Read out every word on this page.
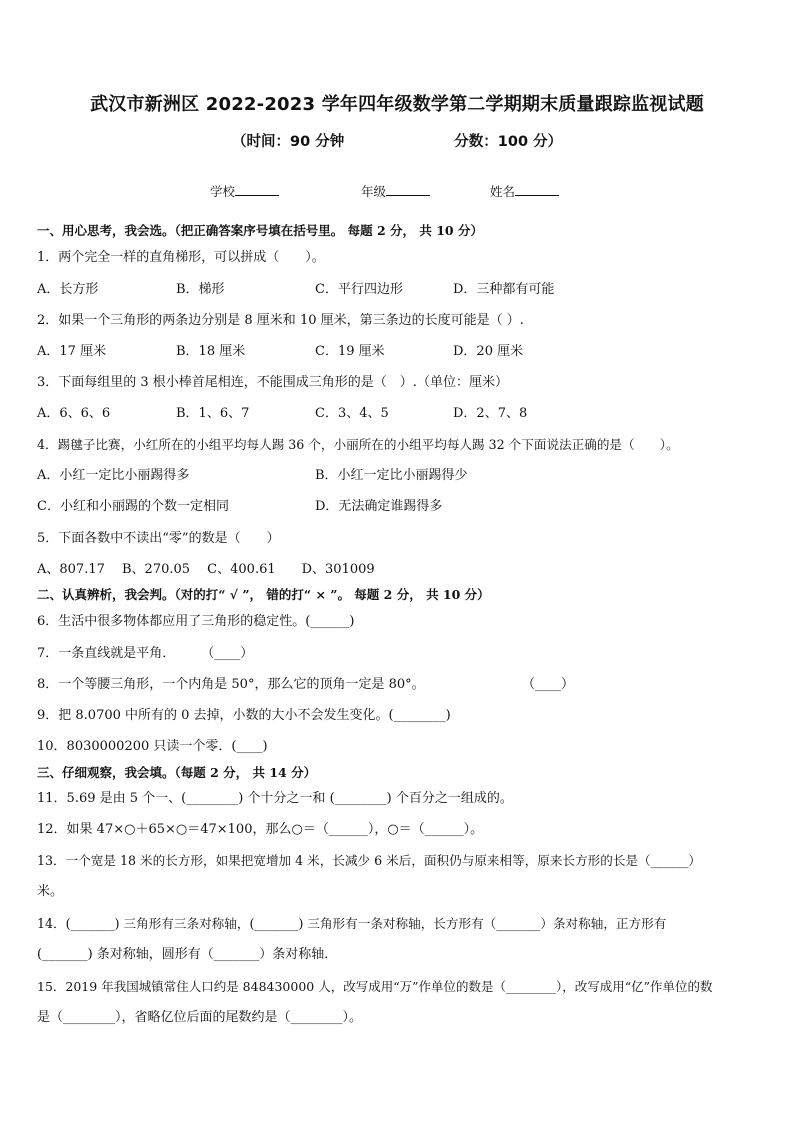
武汉市新洲区 2022-2023 学年四年级数学第二学期期末质量跟踪监视试题
（时间：90 分钟	分数：100 分）
学校	年级	姓名
一、用心思考，我会选。（把正确答案序号填在括号里。 每题 2 分， 共 10 分）
1．两个完全一样的直角梯形，可以拼成（　　）。
A．长方形	B．梯形	C．平行四边形	D．三种都有可能
2．如果一个三角形的两条边分别是 8 厘米和 10 厘米，第三条边的长度可能是（ ）.
A．17 厘米	B．18 厘米	C．19 厘米	D．20 厘米
3．下面每组里的 3 根小棒首尾相连，不能围成三角形的是（　）.（单位：厘米）
A．6、6、6	B．1、6、7	C．3、4、5	D．2、7、8
4．踢毽子比赛，小红所在的小组平均每人踢 36 个，小丽所在的小组平均每人踢 32 个下面说法正确的是（　　）。
A．小红一定比小丽踢得多	B．小红一定比小丽踢得少
C．小红和小丽踢的个数一定相同	D．无法确定谁踢得多
5．下面各数中不读出“零”的数是（　　）
A、807.17　 B、270.05　 C、400.61　　D、301009
二、认真辨析，我会判。（对的打“ √ ”， 错的打“ × ”。 每题 2 分， 共 10 分）
6．生活中很多物体都应用了三角形的稳定性。(______)
7．一条直线就是平角．　　　（____）
8．一个等腰三角形，一个内角是 50°，那么它的顶角一定是 80°。	（____）
9．把 8.0700 中所有的 0 去掉，小数的大小不会发生变化。(________)
10．8030000200 只读一个零．(____)
三、仔细观察，我会填。（每题 2 分， 共 14 分）
11．5.69 是由 5 个一、(________) 个十分之一和 (________) 个百分之一组成的。
12．如果 47×○＋65×○＝47×100，那么○＝（______），○＝（______）。
13．一个宽是 18 米的长方形，如果把宽增加 4 米，长减少 6 米后，面积仍与原来相等，原来长方形的长是（______）
米。
14．(_______) 三角形有三条对称轴，(_______) 三角形有一条对称轴，长方形有（_______）条对称轴，正方形有
(_______) 条对称轴，圆形有（_______）条对称轴．
15．2019 年我国城镇常住人口约是 848430000 人，改写成用“万”作单位的数是（________），改写成用“亿”作单位的数
是（________），省略亿位后面的尾数约是（________）。
